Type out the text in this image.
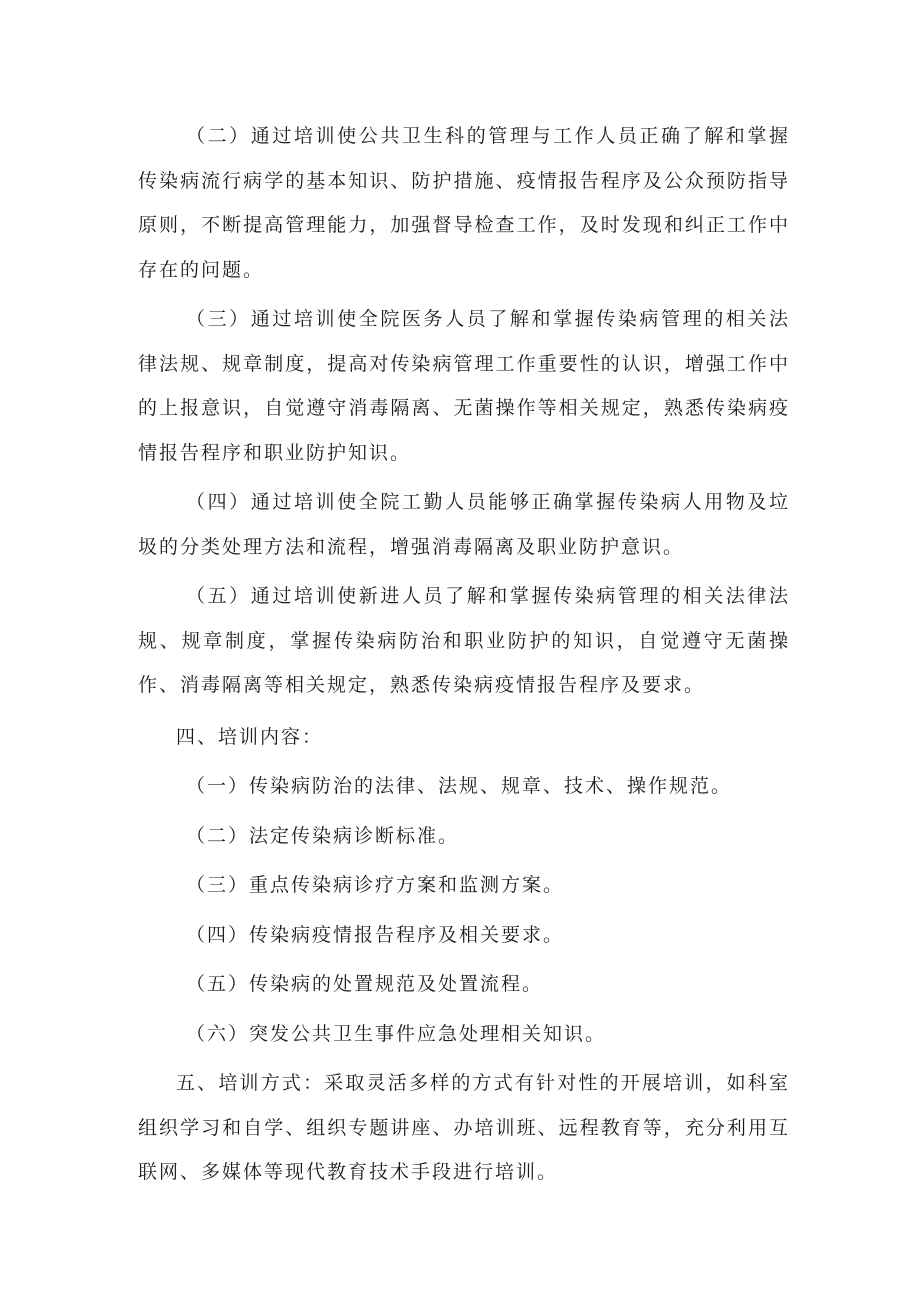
（二）通过培训使公共卫生科的管理与工作人员正确了解和掌握传染病流行病学的基本知识、防护措施、疫情报告程序及公众预防指导原则，不断提高管理能力，加强督导检查工作，及时发现和纠正工作中存在的问题。

（三）通过培训使全院医务人员了解和掌握传染病管理的相关法律法规、规章制度，提高对传染病管理工作重要性的认识，增强工作中的上报意识，自觉遵守消毒隔离、无菌操作等相关规定，熟悉传染病疫情报告程序和职业防护知识。

（四）通过培训使全院工勤人员能够正确掌握传染病人用物及垃圾的分类处理方法和流程，增强消毒隔离及职业防护意识。

（五）通过培训使新进人员了解和掌握传染病管理的相关法律法规、规章制度，掌握传染病防治和职业防护的知识，自觉遵守无菌操作、消毒隔离等相关规定，熟悉传染病疫情报告程序及要求。

四、培训内容：

（一）传染病防治的法律、法规、规章、技术、操作规范。

（二）法定传染病诊断标准。

（三）重点传染病诊疗方案和监测方案。

（四）传染病疫情报告程序及相关要求。

（五）传染病的处置规范及处置流程。

（六）突发公共卫生事件应急处理相关知识。

五、培训方式：采取灵活多样的方式有针对性的开展培训，如科室组织学习和自学、组织专题讲座、办培训班、远程教育等，充分利用互联网、多媒体等现代教育技术手段进行培训。
